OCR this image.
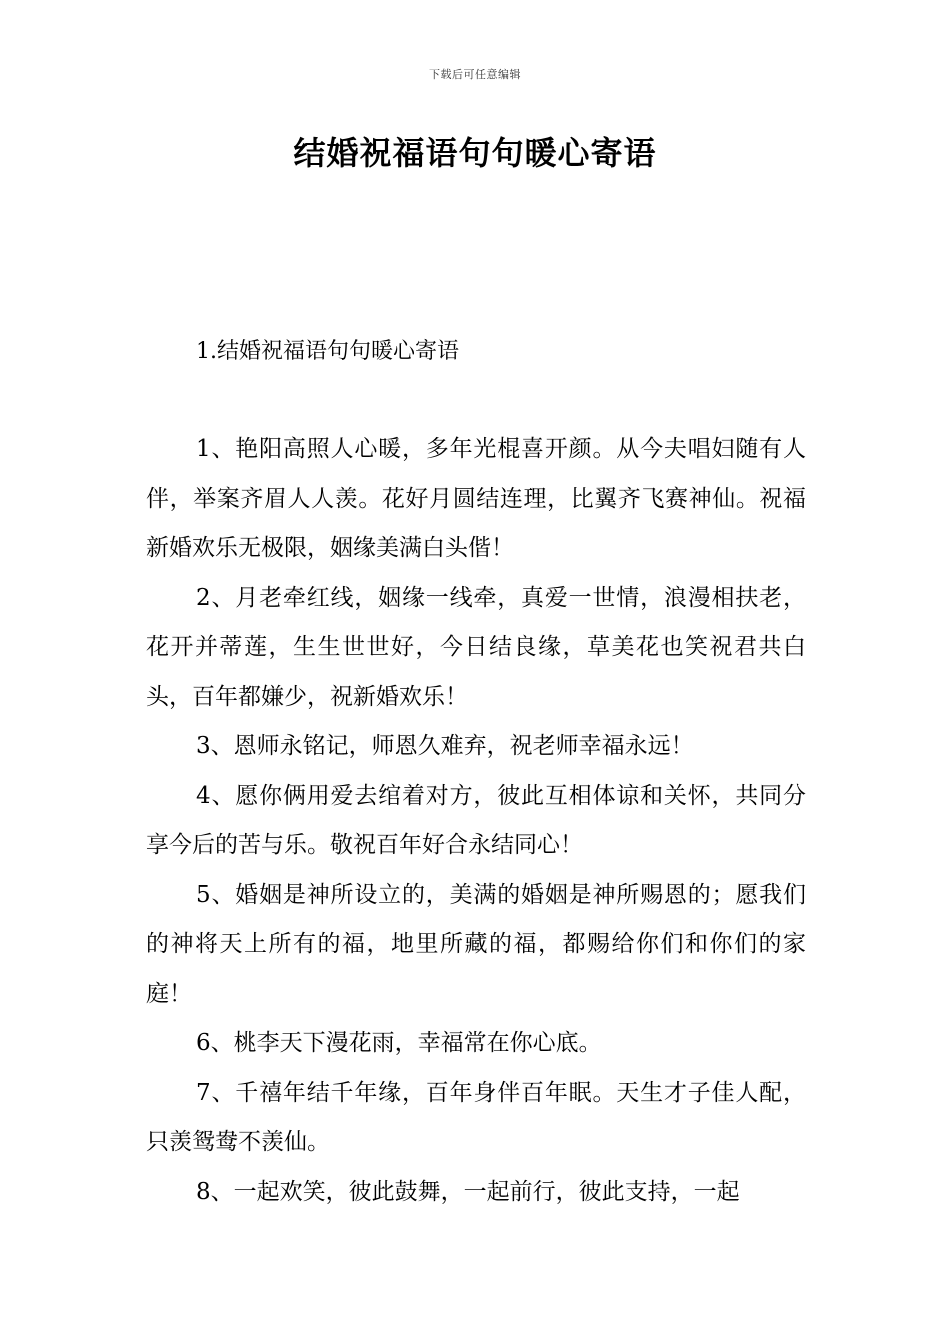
下载后可任意编辑
结婚祝福语句句暖心寄语
1.结婚祝福语句句暖心寄语

1、艳阳高照人心暖，多年光棍喜开颜。从今夫唱妇随有人伴，举案齐眉人人羡。花好月圆结连理，比翼齐飞赛神仙。祝福新婚欢乐无极限，姻缘美满白头偕！

2、月老牵红线，姻缘一线牵，真爱一世情，浪漫相扶老，花开并蒂莲，生生世世好，今日结良缘，草美花也笑祝君共白头，百年都嫌少，祝新婚欢乐！

3、恩师永铭记，师恩久难弃，祝老师幸福永远！

4、愿你俩用爱去绾着对方，彼此互相体谅和关怀，共同分享今后的苦与乐。敬祝百年好合永结同心！

5、婚姻是神所设立的，美满的婚姻是神所赐恩的；愿我们的神将天上所有的福，地里所藏的福，都赐给你们和你们的家庭！

6、桃李天下漫花雨，幸福常在你心底。

7、千禧年结千年缘，百年身伴百年眠。天生才子佳人配，只羡鸳鸯不羡仙。

8、一起欢笑，彼此鼓舞，一起前行，彼此支持，一起
